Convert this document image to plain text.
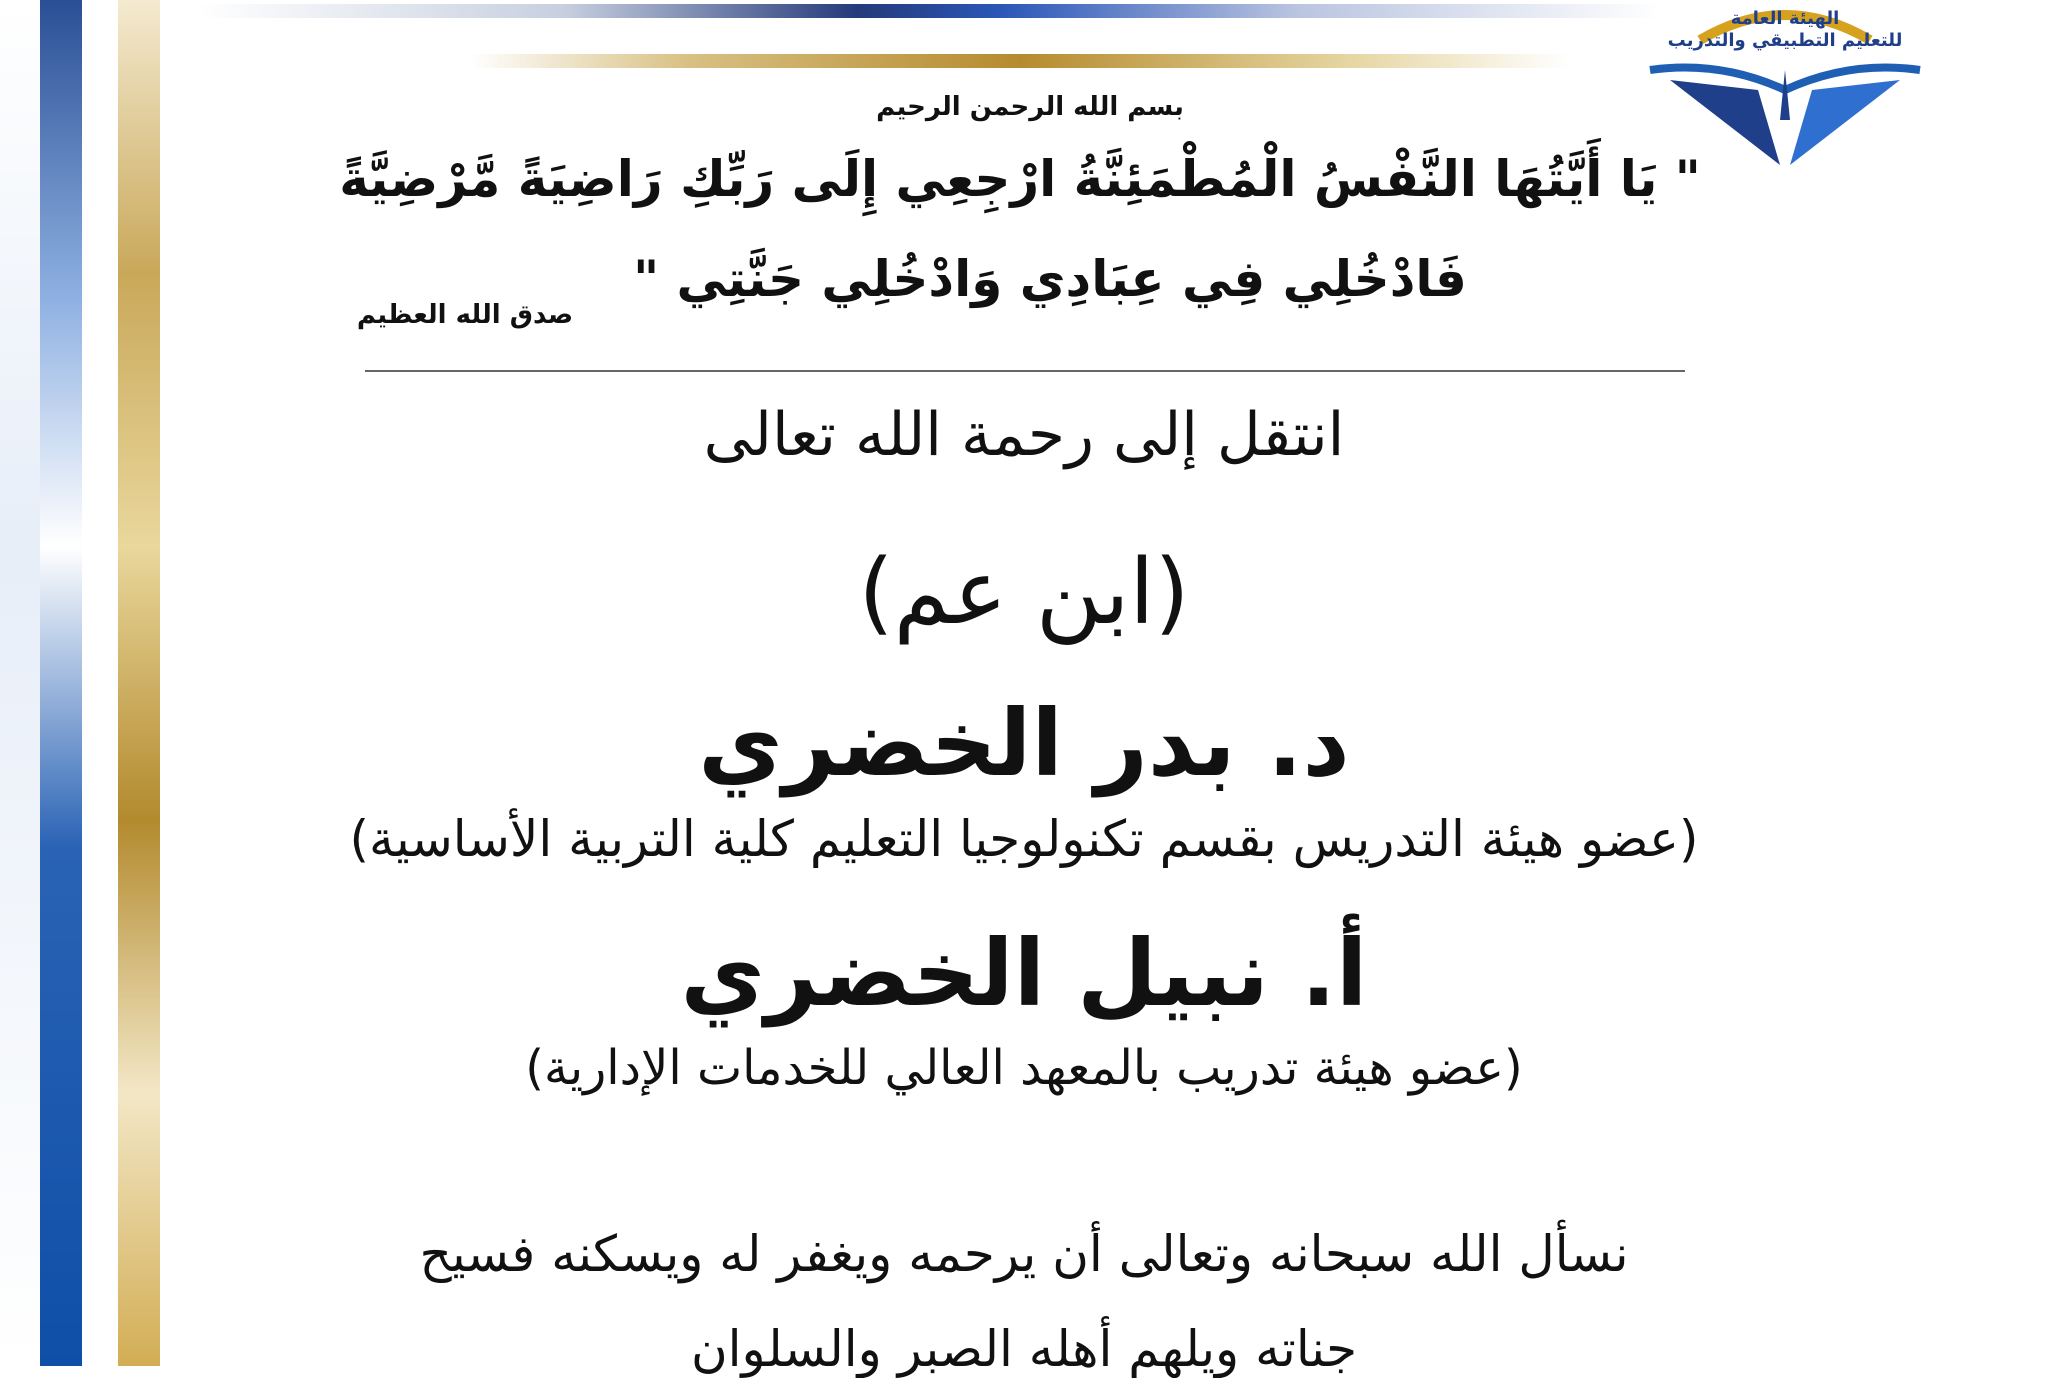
الهيئة العامة
للتعليم التطبيقي والتدريب
بسم الله الرحمن الرحيم
" يَا أَيَّتُهَا النَّفْسُ الْمُطْمَئِنَّةُ ارْجِعِي إِلَى رَبِّكِ رَاضِيَةً مَّرْضِيَّةً
فَادْخُلِي فِي عِبَادِي وَادْخُلِي جَنَّتِي "
صدق الله العظيم
انتقل إلى رحمة الله تعالى
(ابن عم)
د. بدر الخضري
(عضو هيئة التدريس بقسم تكنولوجيا التعليم كلية التربية الأساسية)
أ. نبيل الخضري
(عضو هيئة تدريب بالمعهد العالي للخدمات الإدارية)
نسأل الله سبحانه وتعالى أن يرحمه ويغفر له ويسكنه فسيح
جناته ويلهم أهله الصبر والسلوان
